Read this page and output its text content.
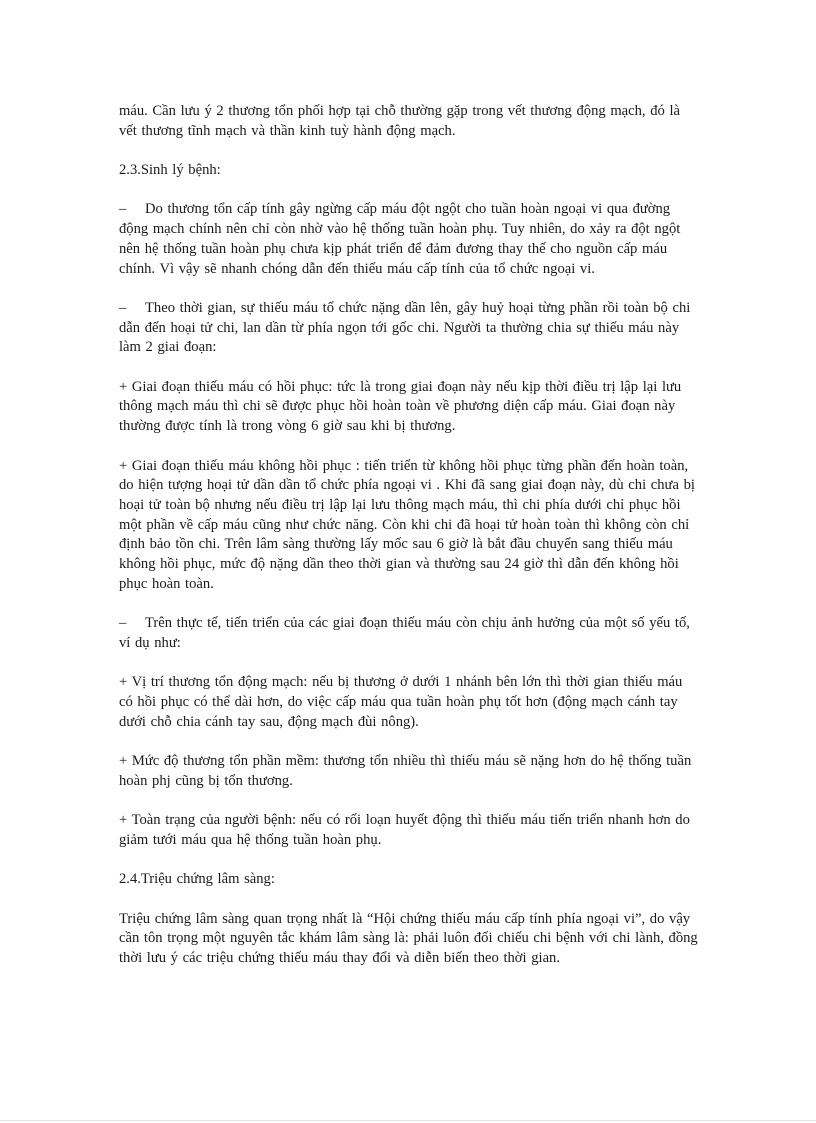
máu. Cần lưu ý 2 thương tổn phối hợp tại chỗ thường gặp trong vết thương động mạch, đó là vết thương tĩnh mạch và thần kinh tuỳ hành động mạch.

2.3.Sinh lý bệnh:

– Do thương tổn cấp tính gây ngừng cấp máu đột ngột cho tuần hoàn ngoại vi qua đường động mạch chính nên chỉ còn nhờ vào hệ thống tuần hoàn phụ. Tuy nhiên, do xảy ra đột ngột nên hệ thống tuần hoàn phụ chưa kịp phát triển để đảm đương thay thế cho nguồn cấp máu chính. Vì vậy sẽ nhanh chóng dẫn đến thiếu máu cấp tính của tổ chức ngoại vi.

– Theo thời gian, sự thiếu máu tổ chức nặng dần lên, gây huỷ hoại từng phần rồi toàn bộ chi dẫn đến hoại tử chi, lan dần từ phía ngọn tới gốc chi. Người ta thường chia sự thiếu máu này làm 2 giai đoạn:

+ Giai đoạn thiếu máu có hồi phục: tức là trong giai đoạn này nếu kịp thời điều trị lập lại lưu thông mạch máu thì chi sẽ được phục hồi hoàn toàn về phương diện cấp máu. Giai đoạn này thường được tính là trong vòng 6 giờ sau khi bị thương.

+ Giai đoạn thiếu máu không hồi phục : tiến triển từ không hồi phục từng phần đến hoàn toàn, do hiện tượng hoại tử dần dần tổ chức phía ngoại vi . Khi đã sang giai đoạn này, dù chi chưa bị hoại tử toàn bộ nhưng nếu điều trị lập lại lưu thông mạch máu, thì chi phía dưới chỉ phục hồi một phần về cấp máu cũng như chức năng. Còn khi chi đã hoại tử hoàn toàn thì không còn chỉ định bảo tồn chi. Trên lâm sàng thường lấy mốc sau 6 giờ là bắt đầu chuyển sang thiếu máu không hồi phục, mức độ nặng dần theo thời gian và thường sau 24 giờ thì dẫn đến không hồi phục hoàn toàn.

– Trên thực tế, tiến triển của các giai đoạn thiếu máu còn chịu ảnh hưởng của một số yếu tố, ví dụ như:

+ Vị trí thương tổn động mạch: nếu bị thương ở dưới 1 nhánh bên lớn thì thời gian thiếu máu có hồi phục có thể dài hơn, do việc cấp máu qua tuần hoàn phụ tốt hơn (động mạch cánh tay dưới chỗ chia cánh tay sau, động mạch đùi nông).

+ Mức độ thương tổn phần mềm: thương tổn nhiều thì thiếu máu sẽ nặng hơn do hệ thống tuần hoàn phj cũng bị tổn thương.

+ Toàn trạng của người bệnh: nếu có rối loạn huyết động thì thiếu máu tiến triển nhanh hơn do giảm tưới máu qua hệ thống tuần hoàn phụ.

2.4.Triệu chứng lâm sàng:

Triệu chứng lâm sàng quan trọng nhất là “Hội chứng thiếu máu cấp tính phía ngoại vi”, do vậy cần tôn trọng một nguyên tắc khám lâm sàng là: phải luôn đối chiếu chi bệnh với chi lành, đồng thời lưu ý các triệu chứng thiếu máu thay đổi và diễn biến theo thời gian.
